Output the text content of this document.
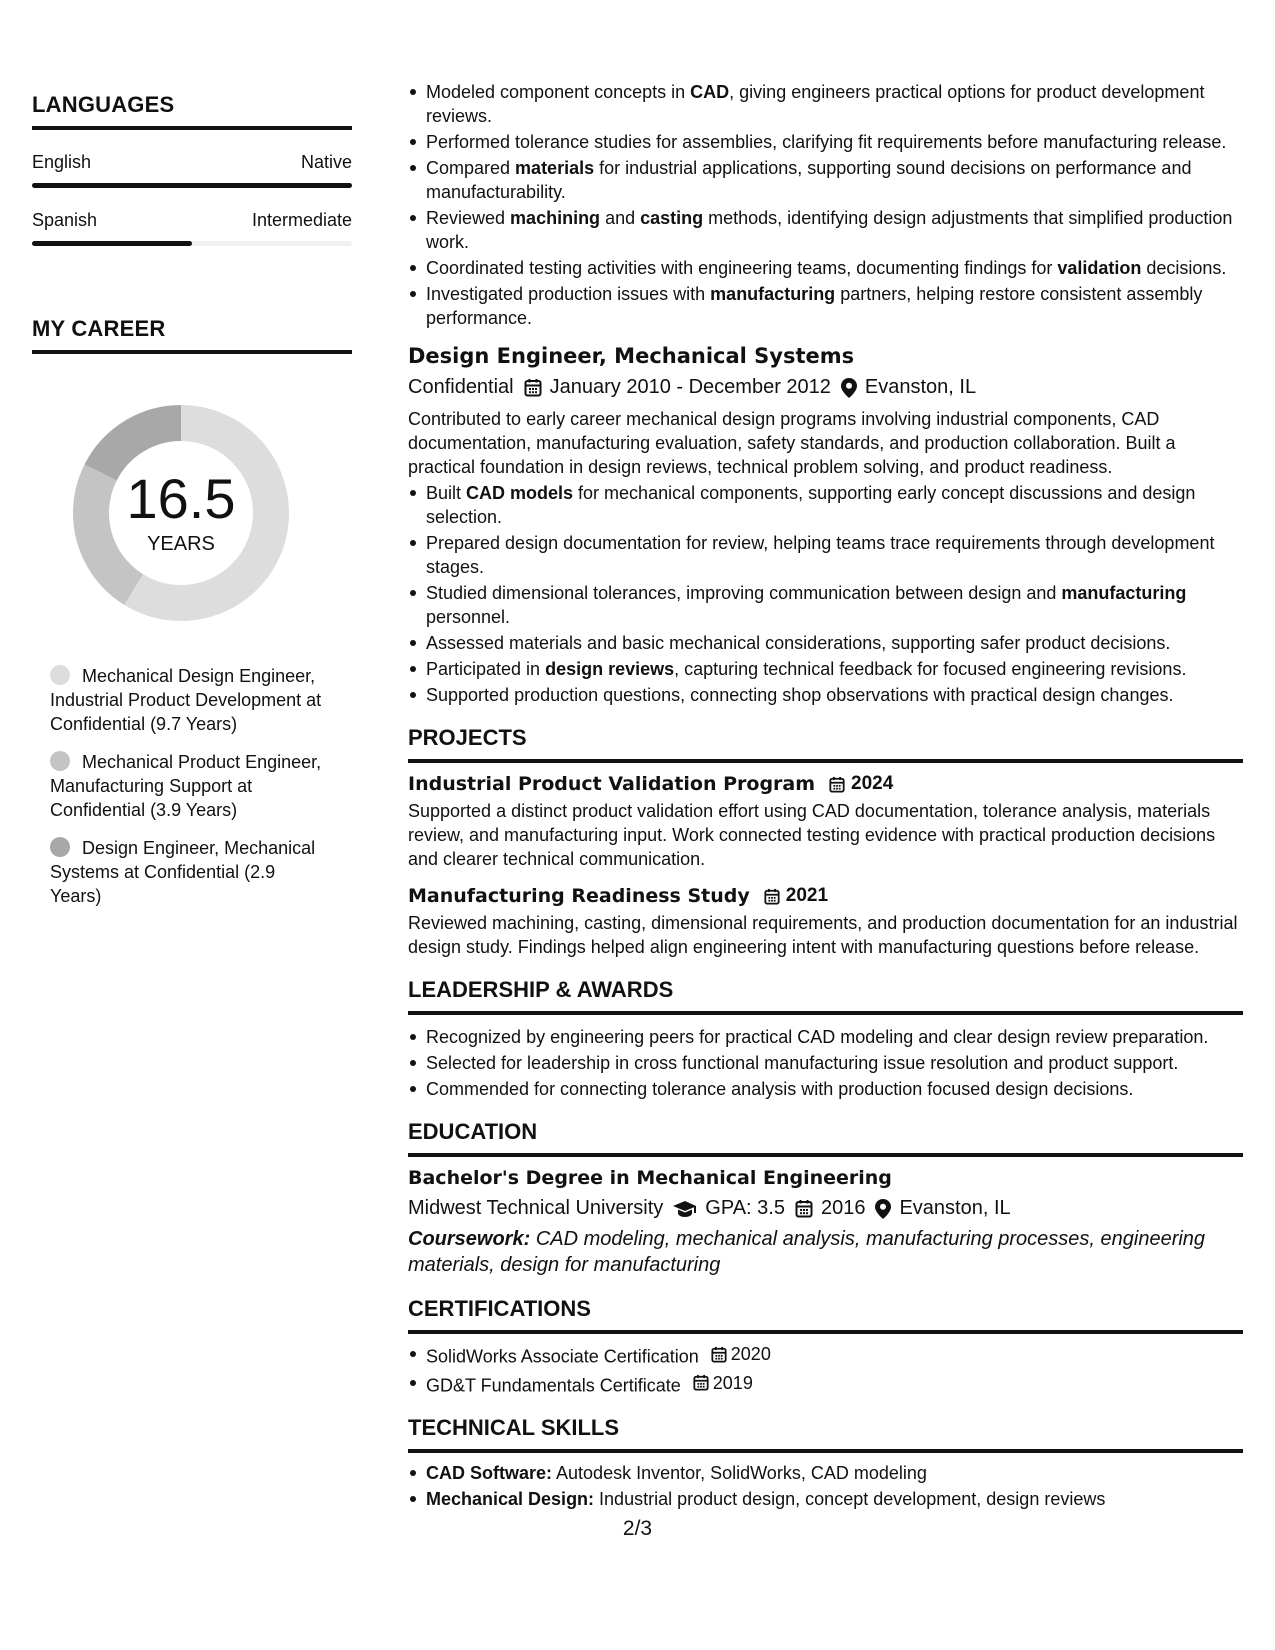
LANGUAGES
English	Native
Spanish	Intermediate
MY CAREER
16.5
YEARS
Mechanical Design Engineer, Industrial Product Development at Confidential (9.7 Years)
Mechanical Product Engineer, Manufacturing Support at Confidential (3.9 Years)
Design Engineer, Mechanical Systems at Confidential (2.9 Years)
Modeled component concepts in CAD, giving engineers practical options for product development reviews.
Performed tolerance studies for assemblies, clarifying fit requirements before manufacturing release.
Compared materials for industrial applications, supporting sound decisions on performance and manufacturability.
Reviewed machining and casting methods, identifying design adjustments that simplified production work.
Coordinated testing activities with engineering teams, documenting findings for validation decisions.
Investigated production issues with manufacturing partners, helping restore consistent assembly performance.
Design Engineer, Mechanical Systems
Confidential January 2010 - December 2012 Evanston, IL
Contributed to early career mechanical design programs involving industrial components, CAD documentation, manufacturing evaluation, safety standards, and production collaboration. Built a practical foundation in design reviews, technical problem solving, and product readiness.
Built CAD models for mechanical components, supporting early concept discussions and design selection.
Prepared design documentation for review, helping teams trace requirements through development stages.
Studied dimensional tolerances, improving communication between design and manufacturing personnel.
Assessed materials and basic mechanical considerations, supporting safer product decisions.
Participated in design reviews, capturing technical feedback for focused engineering revisions.
Supported production questions, connecting shop observations with practical design changes.
PROJECTS
Industrial Product Validation Program 2024
Supported a distinct product validation effort using CAD documentation, tolerance analysis, materials review, and manufacturing input. Work connected testing evidence with practical production decisions and clearer technical communication.
Manufacturing Readiness Study 2021
Reviewed machining, casting, dimensional requirements, and production documentation for an industrial design study. Findings helped align engineering intent with manufacturing questions before release.
LEADERSHIP & AWARDS
Recognized by engineering peers for practical CAD modeling and clear design review preparation.
Selected for leadership in cross functional manufacturing issue resolution and product support.
Commended for connecting tolerance analysis with production focused design decisions.
EDUCATION
Bachelor's Degree in Mechanical Engineering
Midwest Technical University GPA: 3.5 2016 Evanston, IL
Coursework: CAD modeling, mechanical analysis, manufacturing processes, engineering materials, design for manufacturing
CERTIFICATIONS
SolidWorks Associate Certification 2020
GD&T Fundamentals Certificate 2019
TECHNICAL SKILLS
CAD Software: Autodesk Inventor, SolidWorks, CAD modeling
Mechanical Design: Industrial product design, concept development, design reviews
2/3
